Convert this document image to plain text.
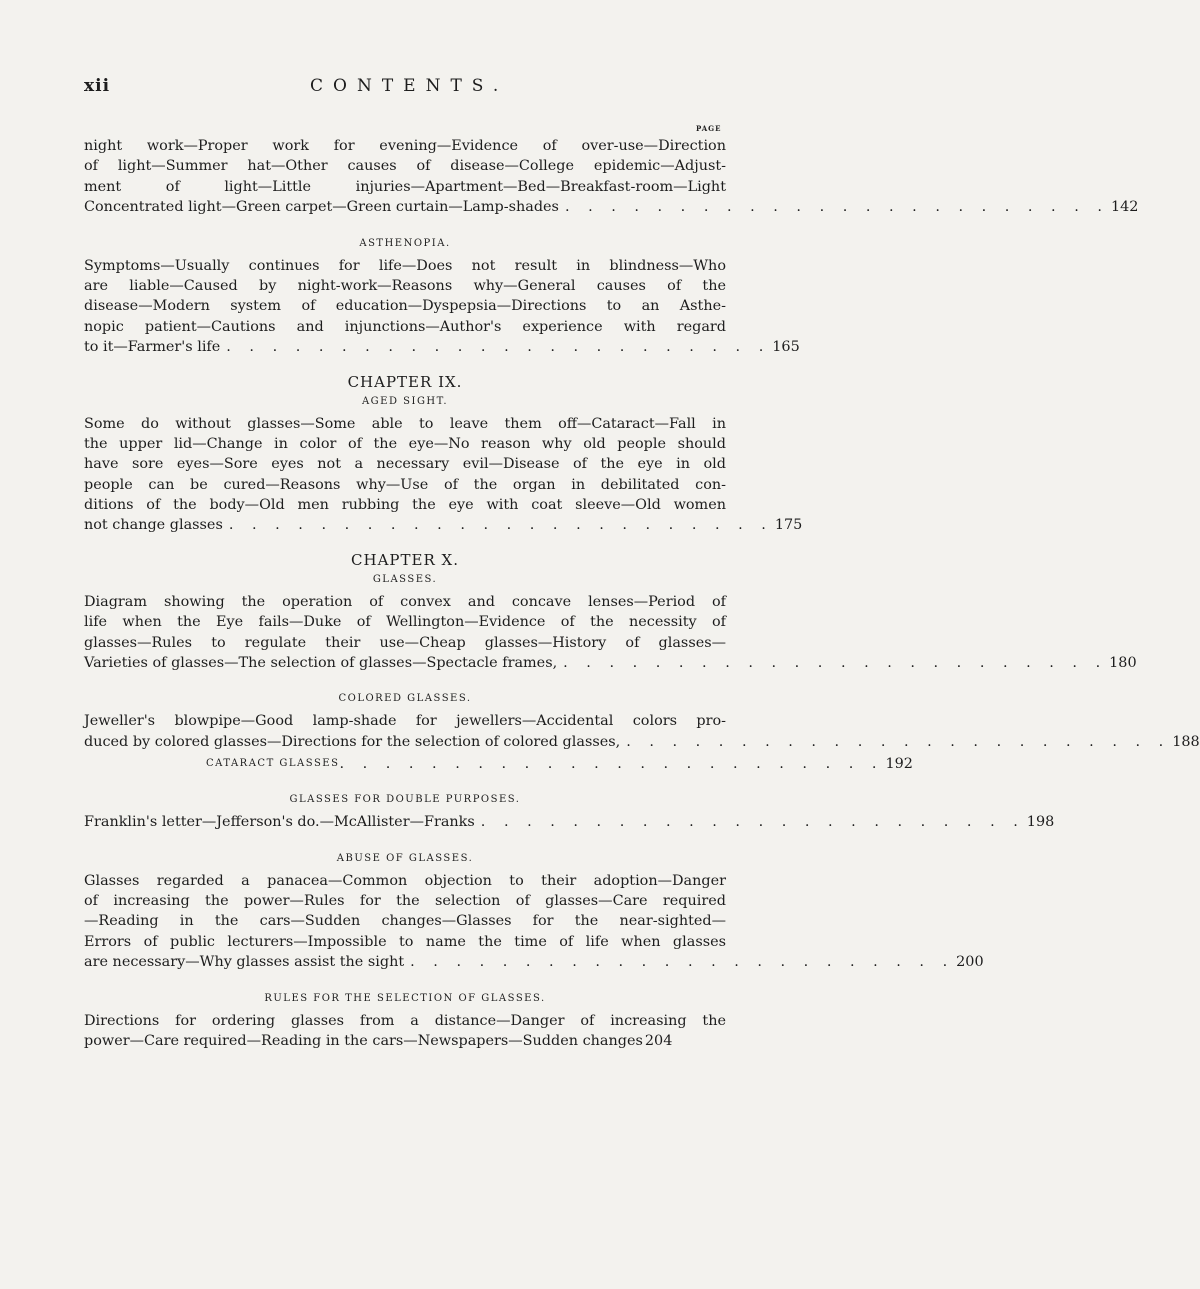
xii	CONTENTS.
PAGE
night work—Proper work for evening—Evidence of over-use—Direction
of light—Summer hat—Other causes of disease—College epidemic—Adjust-
ment of light—Little injuries—Apartment—Bed—Breakfast-room—Light
Concentrated light—Green carpet—Green curtain—Lamp-shades . . . . . . . . . . . . . . . . . . . . . . . . 142
ASTHENOPIA.
Symptoms—Usually continues for life—Does not result in blindness—Who
are liable—Caused by night-work—Reasons why—General causes of the
disease—Modern system of education—Dyspepsia—Directions to an Asthe-
nopic patient—Cautions and injunctions—Author's experience with regard
to it—Farmer's life . . . . . . . . . . . . . . . . . . . . . . . . 165
CHAPTER IX.
AGED SIGHT.
Some do without glasses—Some able to leave them off—Cataract—Fall in
the upper lid—Change in color of the eye—No reason why old people should
have sore eyes—Sore eyes not a necessary evil—Disease of the eye in old
people can be cured—Reasons why—Use of the organ in debilitated con-
ditions of the body—Old men rubbing the eye with coat sleeve—Old women
not change glasses . . . . . . . . . . . . . . . . . . . . . . . . 175
CHAPTER X.
GLASSES.
Diagram showing the operation of convex and concave lenses—Period of
life when the Eye fails—Duke of Wellington—Evidence of the necessity of
glasses—Rules to regulate their use—Cheap glasses—History of glasses—
Varieties of glasses—The selection of glasses—Spectacle frames, . . . . . . . . . . . . . . . . . . . . . . . . 180
COLORED GLASSES.
Jeweller's blowpipe—Good lamp-shade for jewellers—Accidental colors pro-
duced by colored glasses—Directions for the selection of colored glasses, . . . . . . . . . . . . . . . . . . . . . . . . 188
CATARACT GLASSES . . . . . . . . . . . . . . . . . . . . . . . . 192
GLASSES FOR DOUBLE PURPOSES.
Franklin's letter—Jefferson's do.—McAllister—Franks . . . . . . . . . . . . . . . . . . . . . . . . 198
ABUSE OF GLASSES.
Glasses regarded a panacea—Common objection to their adoption—Danger
of increasing the power—Rules for the selection of glasses—Care required
—Reading in the cars—Sudden changes—Glasses for the near-sighted—
Errors of public lecturers—Impossible to name the time of life when glasses
are necessary—Why glasses assist the sight . . . . . . . . . . . . . . . . . . . . . . . . 200
RULES FOR THE SELECTION OF GLASSES.
Directions for ordering glasses from a distance—Danger of increasing the
power—Care required—Reading in the cars—Newspapers—Sudden changes 204
